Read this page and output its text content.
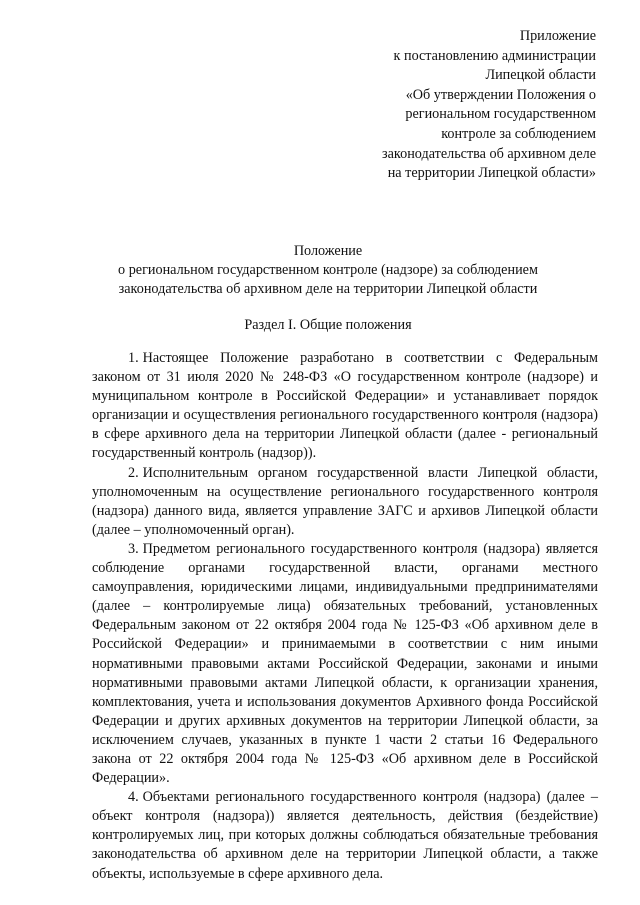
Приложение
к постановлению администрации
Липецкой области
«Об утверждении Положения о
региональном государственном
контроле за соблюдением
законодательства об архивном деле
на территории Липецкой области»
Положение
о региональном государственном контроле (надзоре) за соблюдением
законодательства об архивном деле на территории Липецкой области
Раздел I. Общие положения

1. Настоящее Положение разработано в соответствии с Федеральным законом от 31 июля 2020 № 248-ФЗ «О государственном контроле (надзоре) и муниципальном контроле в Российской Федерации» и устанавливает порядок организации и осуществления регионального государственного контроля (надзора) в сфере архивного дела на территории Липецкой области (далее - региональный государственный контроль (надзор)).

2. Исполнительным органом государственной власти Липецкой области, уполномоченным на осуществление регионального государственного контроля (надзора) данного вида, является управление ЗАГС и архивов Липецкой области (далее – уполномоченный орган).

3. Предметом регионального государственного контроля (надзора) является соблюдение органами государственной власти, органами местного самоуправления, юридическими лицами, индивидуальными предпринимателями (далее – контролируемые лица) обязательных требований, установленных Федеральным законом от 22 октября 2004 года № 125-ФЗ «Об архивном деле в Российской Федерации» и принимаемыми в соответствии с ним иными нормативными правовыми актами Российской Федерации, законами и иными нормативными правовыми актами Липецкой области, к организации хранения, комплектования, учета и использования документов Архивного фонда Российской Федерации и других архивных документов на территории Липецкой области, за исключением случаев, указанных в пункте 1 части 2 статьи 16 Федерального закона от 22 октября 2004 года № 125-ФЗ «Об архивном деле в Российской Федерации».

4. Объектами регионального государственного контроля (надзора) (далее – объект контроля (надзора)) является деятельность, действия (бездействие) контролируемых лиц, при которых должны соблюдаться обязательные требования законодательства об архивном деле на территории Липецкой области, а также объекты, используемые в сфере архивного дела.
